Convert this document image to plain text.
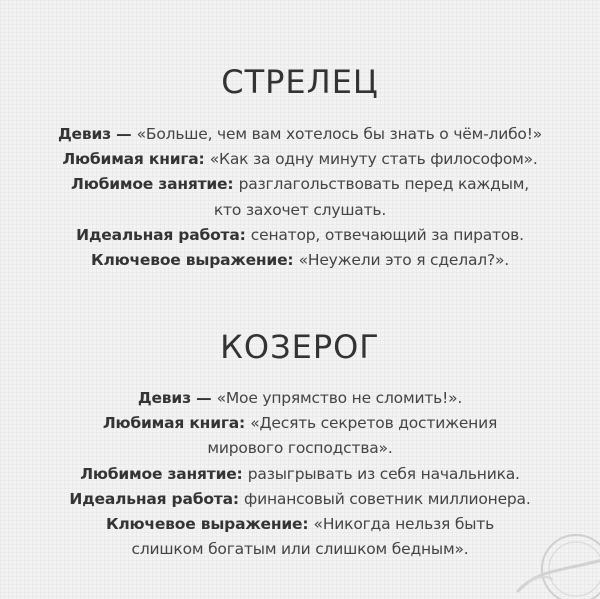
СТРЕЛЕЦ
Девиз — «Больше, чем вам хотелось бы знать о чём-либо!»
Любимая книга: «Как за одну минуту стать философом».
Любимое занятие: разглагольствовать перед каждым,
кто захочет слушать.
Идеальная работа: сенатор, отвечающий за пиратов.
Ключевое выражение: «Неужели это я сделал?».
КОЗЕРОГ
Девиз — «Мое упрямство не сломить!».
Любимая книга: «Десять секретов достижения
мирового господства».
Любимое занятие: разыгрывать из себя начальника.
Идеальная работа: финансовый советник миллионера.
Ключевое выражение: «Никогда нельзя быть
слишком богатым или слишком бедным».
